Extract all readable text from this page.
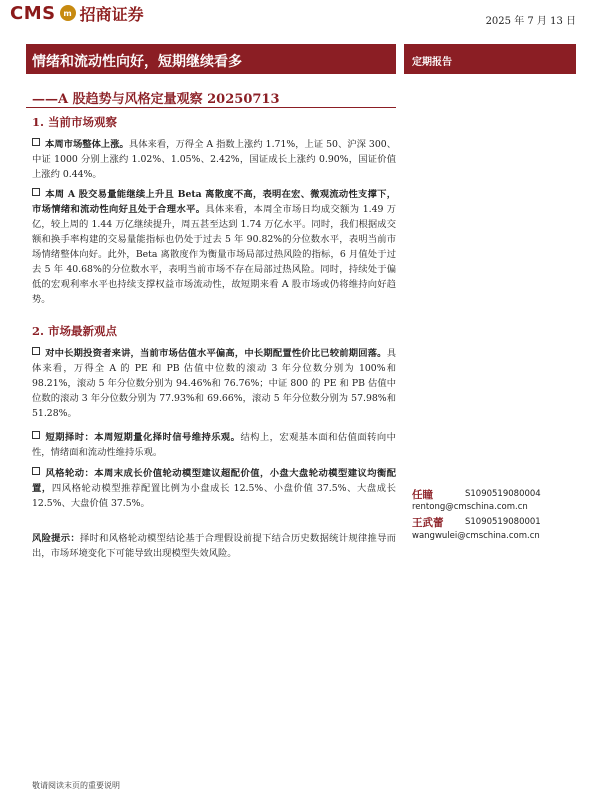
CMS m 招商证券	2025 年 7 月 13 日
情绪和流动性向好，短期继续看多	定期报告
——A 股趋势与风格定量观察 20250713
1. 当前市场观察
本周市场整体上涨。具体来看，万得全 A 指数上涨约 1.71%，上证 50、沪深 300、中证 1000 分别上涨约 1.02%、1.05%、2.42%，国证成长上涨约 0.90%，国证价值上涨约 0.44%。
本周 A 股交易量能继续上升且 Beta 离散度不高，表明在宏、微观流动性支撑下，市场情绪和流动性向好且处于合理水平。具体来看，本周全市场日均成交额为 1.49 万亿，较上周的 1.44 万亿继续提升，周五甚至达到 1.74 万亿水平。同时，我们根据成交额和换手率构建的交易量能指标也仍处于过去 5 年 90.82%的分位数水平，表明当前市场情绪整体向好。此外，Beta 离散度作为衡量市场局部过热风险的指标，6 月值处于过去 5 年 40.68%的分位数水平，表明当前市场不存在局部过热风险。同时，持续处于偏低的宏观利率水平也持续支撑权益市场流动性，故短期来看 A 股市场或仍将维持向好趋势。
2. 市场最新观点
对中长期投资者来讲，当前市场估值水平偏高，中长期配置性价比已较前期回落。具体来看，万得全 A 的 PE 和 PB 估值中位数的滚动 3 年分位数分别为 100%和 98.21%，滚动 5 年分位数分别为 94.46%和 76.76%；中证 800 的 PE 和 PB 估值中位数的滚动 3 年分位数分别为 77.93%和 69.66%，滚动 5 年分位数分别为 57.98%和 51.28%。
短期择时：本周短期量化择时信号维持乐观。结构上，宏观基本面和估值面转向中性，情绪面和流动性维持乐观。
风格轮动：本周末成长价值轮动模型建议超配价值，小盘大盘轮动模型建议均衡配置，四风格轮动模型推荐配置比例为小盘成长 12.5%、小盘价值 37.5%、大盘成长 12.5%、大盘价值 37.5%。
风险提示：择时和风格轮动模型结论基于合理假设前提下结合历史数据统计规律推导而出，市场环境变化下可能导致出现模型失效风险。
任瞳	S1090519080004
rentong@cmschina.com.cn
王武蕾	S1090519080001
wangwulei@cmschina.com.cn
敬请阅读末页的重要说明
